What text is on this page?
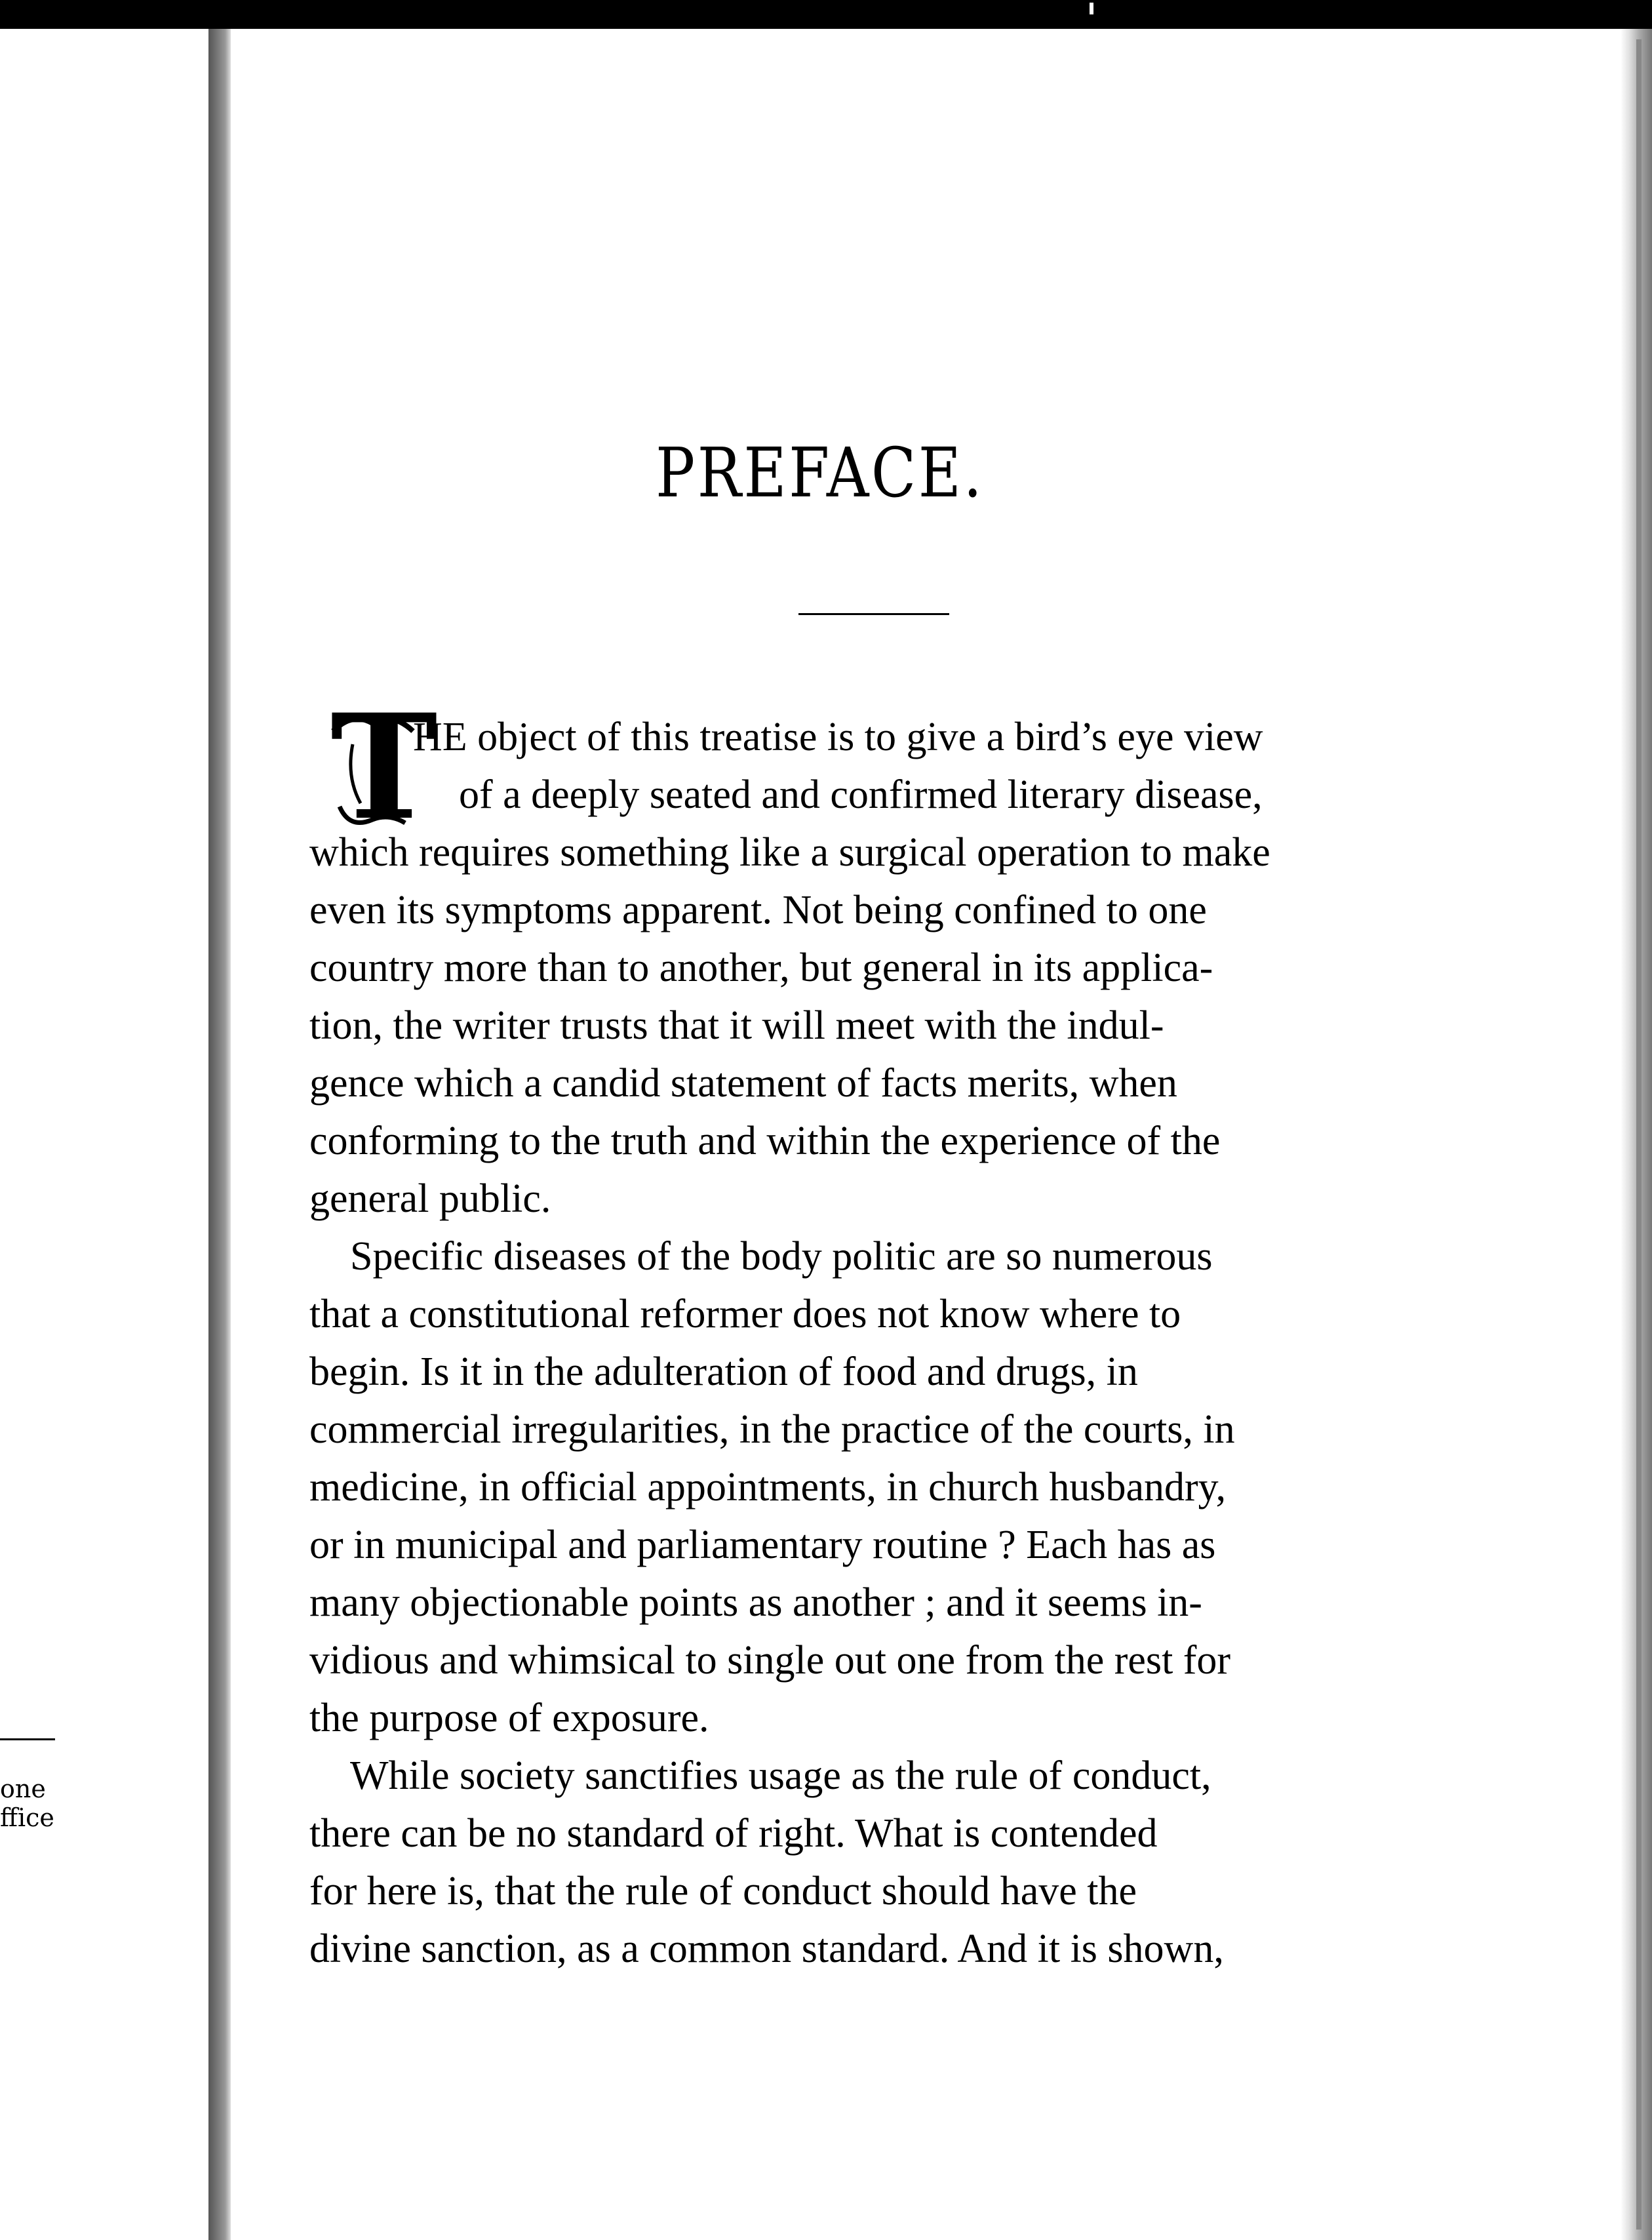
one
ffice
PREFACE.
T
HE object of this treatise is to give a bird’s eye view
of a deeply seated and confirmed literary disease,
which requires something like a surgical operation to make
even its symptoms apparent. Not being confined to one
country more than to another, but general in its applica-
tion, the writer trusts that it will meet with the indul-
gence which a candid statement of facts merits, when
conforming to the truth and within the experience of the
general public.
Specific diseases of the body politic are so numerous
that a constitutional reformer does not know where to
begin. Is it in the adulteration of food and drugs, in
commercial irregularities, in the practice of the courts, in
medicine, in official appointments, in church husbandry,
or in municipal and parliamentary routine ? Each has as
many objectionable points as another ; and it seems in-
vidious and whimsical to single out one from the rest for
the purpose of exposure.
While society sanctifies usage as the rule of conduct,
there can be no standard of right. What is contended
for here is, that the rule of conduct should have the
divine sanction, as a common standard. And it is shown,
